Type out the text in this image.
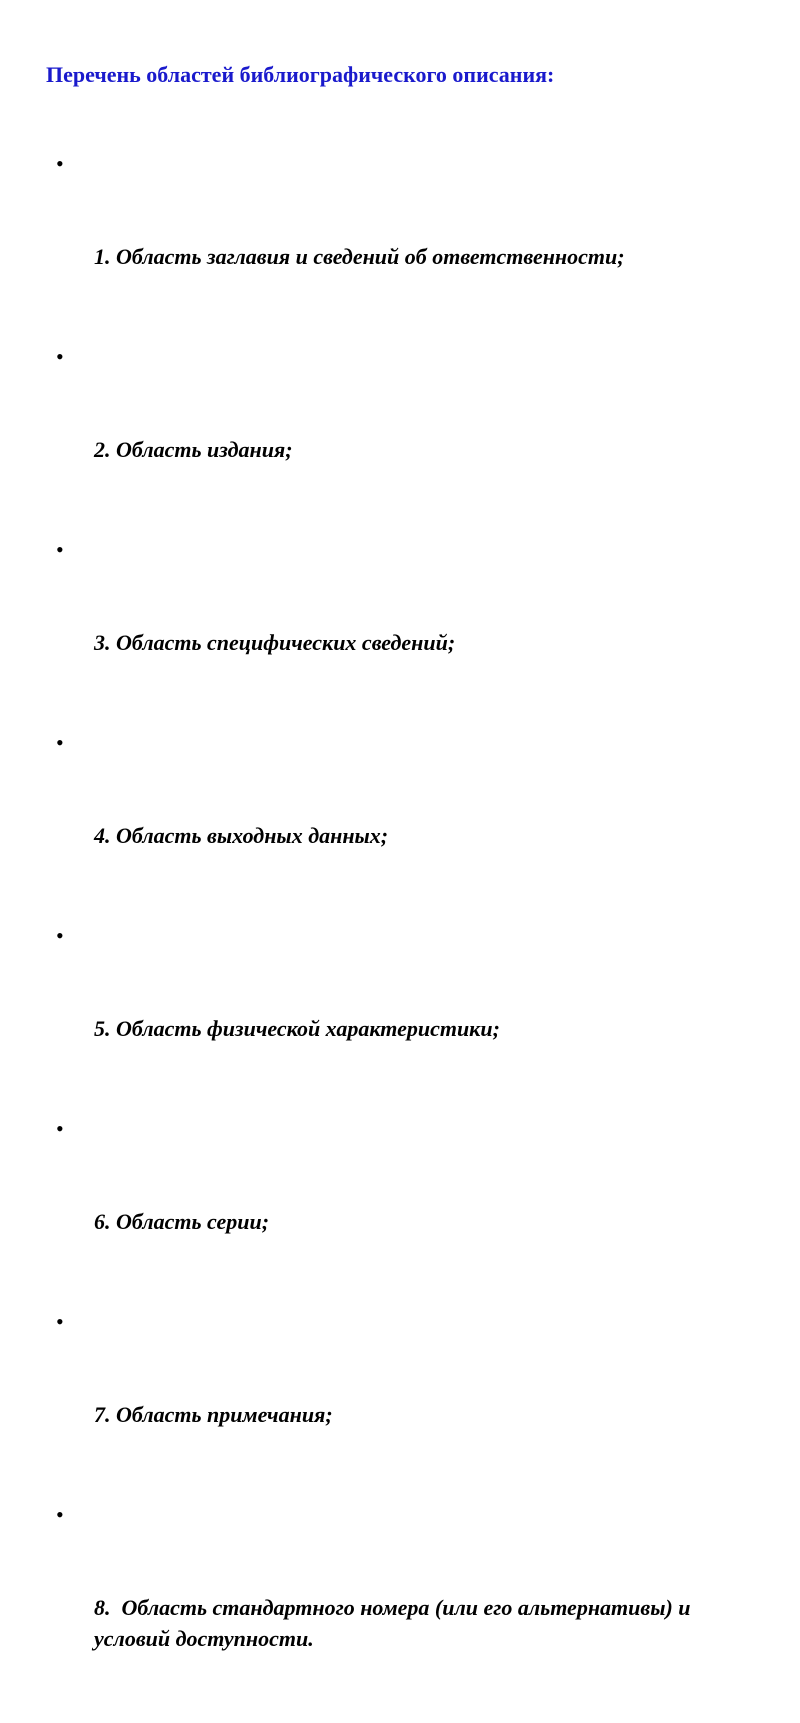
Перечень областей библиографического описания:

•

1. Область заглавия и сведений об ответственности;

•

2. Область издания;

•

3. Область специфических сведений;

•

4. Область выходных данных;

•

5. Область физической характеристики;

•

6. Область серии;

•

7. Область примечания;

•

8.  Область стандартного номера (или его альтернативы) и условий доступности.
